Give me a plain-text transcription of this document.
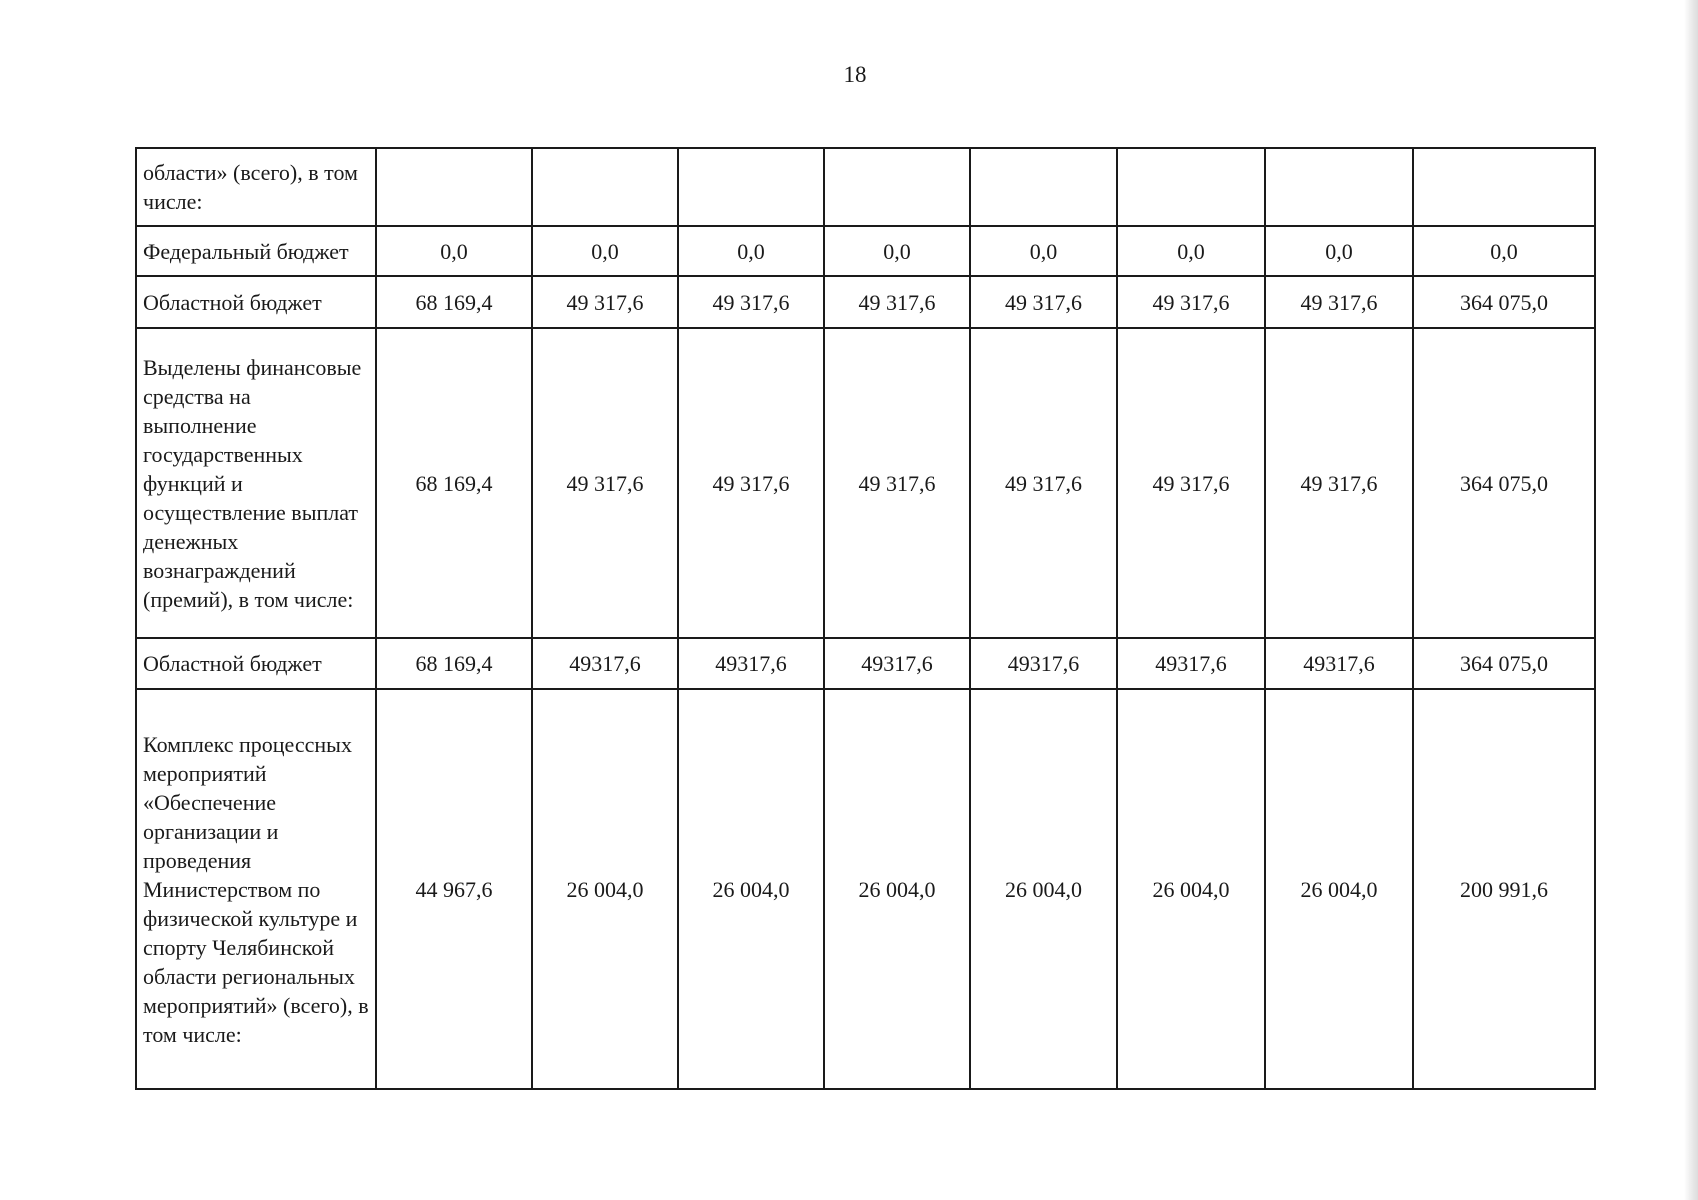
18
области» (всего), в том числе:								
Федеральный бюджет	0,0	0,0	0,0	0,0	0,0	0,0	0,0	0,0
Областной бюджет	68 169,4	49 317,6	49 317,6	49 317,6	49 317,6	49 317,6	49 317,6	364 075,0
Выделены финансовые средства на выполнение государственных функций и осуществление выплат денежных вознаграждений (премий), в том числе:	68 169,4	49 317,6	49 317,6	49 317,6	49 317,6	49 317,6	49 317,6	364 075,0
Областной бюджет	68 169,4	49317,6	49317,6	49317,6	49317,6	49317,6	49317,6	364 075,0
Комплекс процессных мероприятий «Обеспечение организации и проведения Министерством по физической культуре и спорту Челябинской области региональных мероприятий» (всего), в том числе:	44 967,6	26 004,0	26 004,0	26 004,0	26 004,0	26 004,0	26 004,0	200 991,6
